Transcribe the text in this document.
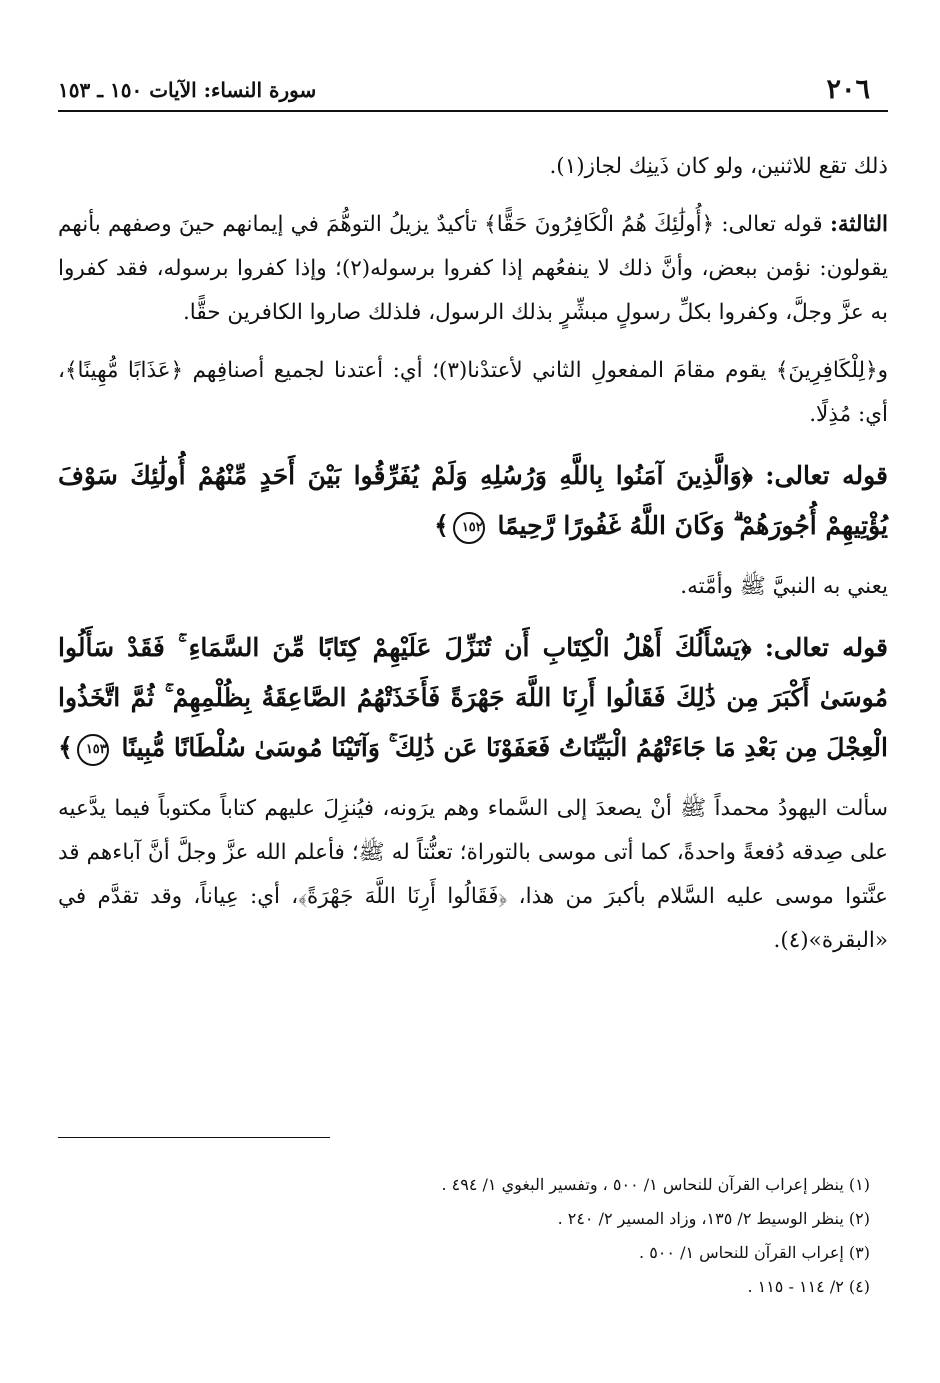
٢٠٦
سورة النساء: الآيات ١٥٠ ـ ١٥٣

ذلك تقع للاثنين، ولو كان ذَينِك لجاز(١).

الثالثة: قوله تعالى: ﴿أُولَٰئِكَ هُمُ الْكَافِرُونَ حَقًّا﴾ تأكيدٌ يزيلُ التوهُّمَ في إيمانهم حينَ وصفهم بأنهم يقولون: نؤمن ببعض، وأنَّ ذلك لا ينفعُهم إذا كفروا برسوله(٢)؛ وإذا كفروا برسوله، فقد كفروا به عزَّ وجلَّ، وكفروا بكلِّ رسولٍ مبشِّرٍ بذلك الرسول، فلذلك صاروا الكافرين حقًّا.

و﴿لِلْكَافِرِينَ﴾ يقوم مقامَ المفعولِ الثاني لأعتدْنا(٣)؛ أي: أعتدنا لجميع أصنافِهم ﴿عَذَابًا مُّهِينًا﴾، أي: مُذِلًا.

قوله تعالى: ﴿وَالَّذِينَ آمَنُوا بِاللَّهِ وَرُسُلِهِ وَلَمْ يُفَرِّقُوا بَيْنَ أَحَدٍ مِّنْهُمْ أُولَٰئِكَ سَوْفَ يُؤْتِيهِمْ أُجُورَهُمْ ۗ وَكَانَ اللَّهُ غَفُورًا رَّحِيمًا ١٥٢﴾

يعني به النبيَّ ﷺ وأمَّته.

قوله تعالى: ﴿يَسْأَلُكَ أَهْلُ الْكِتَابِ أَن تُنَزِّلَ عَلَيْهِمْ كِتَابًا مِّنَ السَّمَاءِ ۚ فَقَدْ سَأَلُوا مُوسَىٰ أَكْبَرَ مِن ذَٰلِكَ فَقَالُوا أَرِنَا اللَّهَ جَهْرَةً فَأَخَذَتْهُمُ الصَّاعِقَةُ بِظُلْمِهِمْ ۚ ثُمَّ اتَّخَذُوا الْعِجْلَ مِن بَعْدِ مَا جَاءَتْهُمُ الْبَيِّنَاتُ فَعَفَوْنَا عَن ذَٰلِكَ ۚ وَآتَيْنَا مُوسَىٰ سُلْطَانًا مُّبِينًا ١٥٣﴾

سألت اليهودُ محمداً ﷺ أنْ يصعدَ إلى السَّماء وهم يرَونه، فيُنزِلَ عليهم كتاباً مكتوباً فيما يدَّعيه على صِدقه دُفعةً واحدةً، كما أتى موسى بالتوراة؛ تعنُّتاً له ﷺ؛ فأعلم الله عزَّ وجلَّ أنَّ آباءهم قد عنَّتوا موسى عليه السَّلام بأكبرَ من هذا، ﴿فَقَالُوا أَرِنَا اللَّهَ جَهْرَةً﴾، أي: عِياناً، وقد تقدَّم في «البقرة»(٤).

(١) ينظر إعراب القرآن للنحاس ١/ ٥٠٠ ، وتفسير البغوي ١/ ٤٩٤ .

(٢) ينظر الوسيط ٢/ ١٣٥، وزاد المسير ٢/ ٢٤٠ .

(٣) إعراب القرآن للنحاس ١/ ٥٠٠ .

(٤) ٢/ ١١٤ - ١١٥ .
